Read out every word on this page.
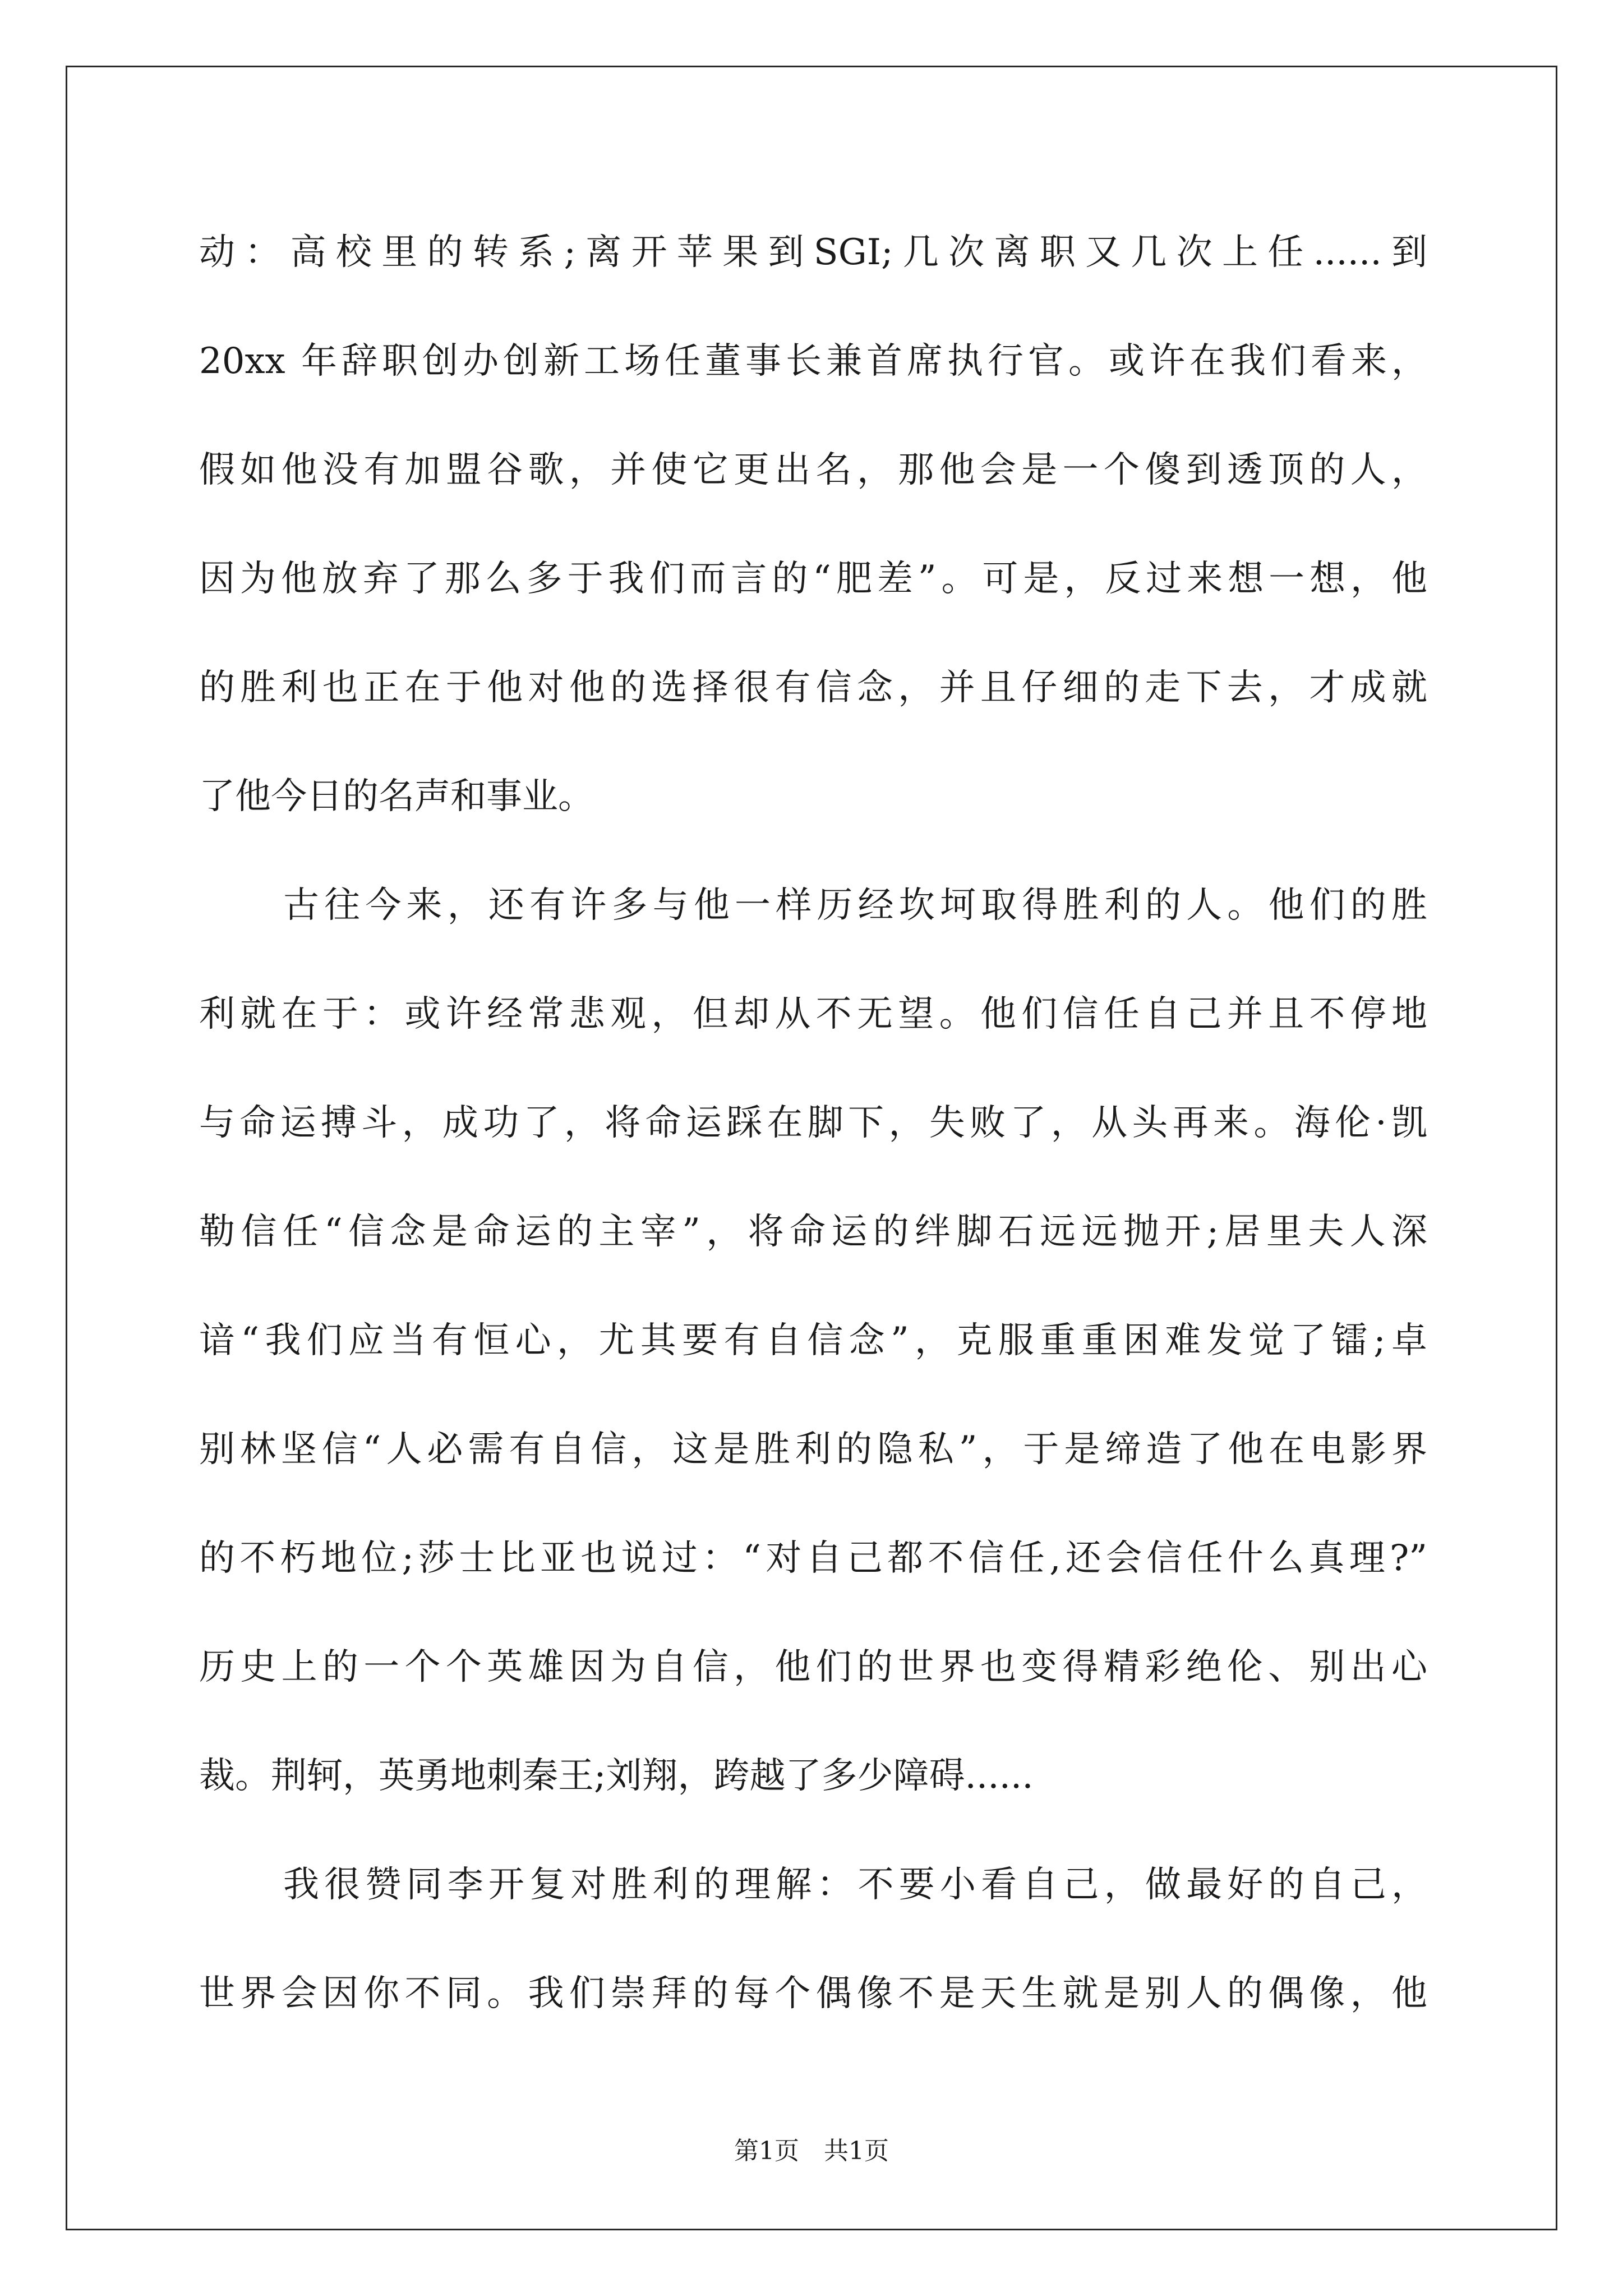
动：高校里的转系;离开苹果到SGI;几次离职又几次上任......到
20xx 年辞职创办创新工场任董事长兼首席执行官。或许在我们看来，
假如他没有加盟谷歌，并使它更出名，那他会是一个傻到透顶的人，
因为他放弃了那么多于我们而言的“肥差”。可是，反过来想一想，他
的胜利也正在于他对他的选择很有信念，并且仔细的走下去，才成就
了他今日的名声和事业。
古往今来，还有许多与他一样历经坎坷取得胜利的人。他们的胜
利就在于：或许经常悲观，但却从不无望。他们信任自己并且不停地
与命运搏斗，成功了，将命运踩在脚下，失败了，从头再来。海伦·凯
勒信任“信念是命运的主宰”，将命运的绊脚石远远抛开;居里夫人深
谙“我们应当有恒心，尤其要有自信念”，克服重重困难发觉了镭;卓
别林坚信“人必需有自信，这是胜利的隐私”，于是缔造了他在电影界
的不朽地位;莎士比亚也说过：“对自己都不信任,还会信任什么真理?”
历史上的一个个英雄因为自信，他们的世界也变得精彩绝伦、别出心
裁。荆轲，英勇地刺秦王;刘翔，跨越了多少障碍......
我很赞同李开复对胜利的理解：不要小看自己，做最好的自己，
世界会因你不同。我们崇拜的每个偶像不是天生就是别人的偶像，他
第1页　共1页
